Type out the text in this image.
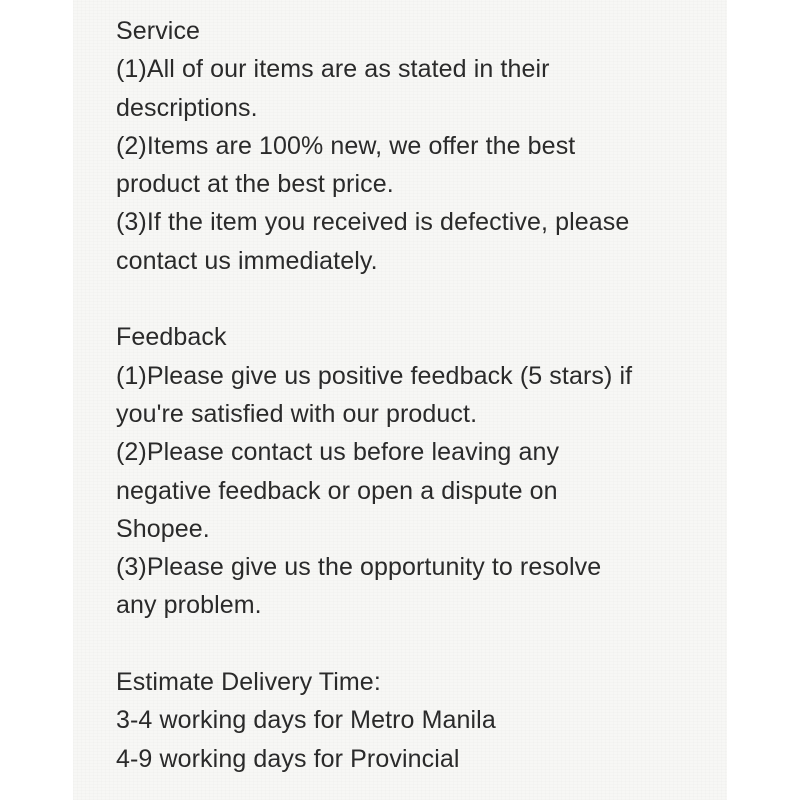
Service
(1)All of our items are as stated in their
descriptions.
(2)Items are 100% new, we offer the best
product at the best price.
(3)If the item you received is defective, please
contact us immediately.
Feedback
(1)Please give us positive feedback (5 stars) if
you're satisfied with our product.
(2)Please contact us before leaving any
negative feedback or open a dispute on
Shopee.
(3)Please give us the opportunity to resolve
any problem.
Estimate Delivery Time:
3-4 working days for Metro Manila
4-9 working days for Provincial
